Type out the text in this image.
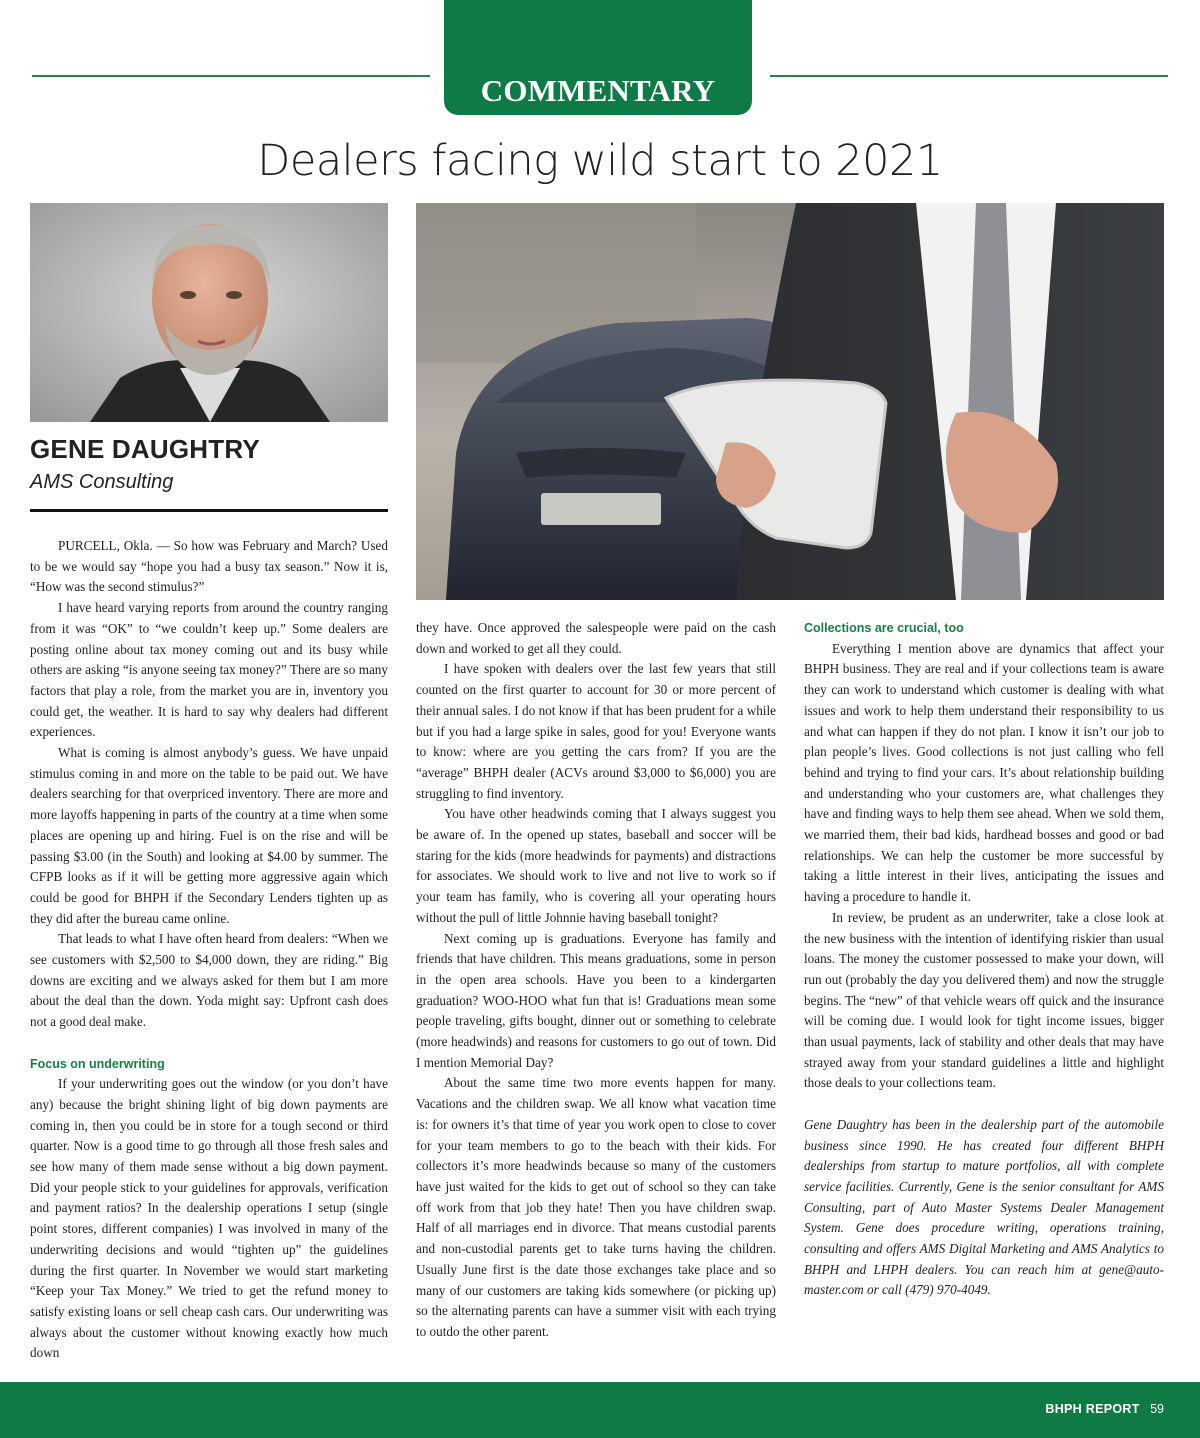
COMMENTARY
Dealers facing wild start to 2021
GENE DAUGHTRY
AMS Consulting

PURCELL, Okla. — So how was February and March? Used to be we would say “hope you had a busy tax season.” Now it is, “How was the second stimulus?”

I have heard varying reports from around the country ranging from it was “OK” to “we couldn’t keep up.” Some dealers are posting online about tax money coming out and its busy while others are asking “is anyone seeing tax money?” There are so many factors that play a role, from the market you are in, inventory you could get, the weather. It is hard to say why dealers had different experiences.

What is coming is almost anybody’s guess. We have unpaid stimulus coming in and more on the table to be paid out. We have dealers searching for that overpriced inventory. There are more and more layoffs happening in parts of the country at a time when some places are opening up and hiring. Fuel is on the rise and will be passing $3.00 (in the South) and looking at $4.00 by summer. The CFPB looks as if it will be getting more aggressive again which could be good for BHPH if the Secondary Lenders tighten up as they did after the bureau came online.

That leads to what I have often heard from dealers: “When we see customers with $2,500 to $4,000 down, they are riding.” Big downs are exciting and we always asked for them but I am more about the deal than the down. Yoda might say: Upfront cash does not a good deal make.

Focus on underwriting

If your underwriting goes out the window (or you don’t have any) because the bright shining light of big down payments are coming in, then you could be in store for a tough second or third quarter. Now is a good time to go through all those fresh sales and see how many of them made sense without a big down payment. Did your people stick to your guidelines for approvals, verification and payment ratios? In the dealership operations I setup (single point stores, different companies) I was involved in many of the underwriting decisions and would “tighten up” the guidelines during the first quarter. In November we would start marketing “Keep your Tax Money.” We tried to get the refund money to satisfy existing loans or sell cheap cash cars. Our underwriting was always about the customer without knowing exactly how much down

they have. Once approved the salespeople were paid on the cash down and worked to get all they could.

I have spoken with dealers over the last few years that still counted on the first quarter to account for 30 or more percent of their annual sales. I do not know if that has been prudent for a while but if you had a large spike in sales, good for you! Everyone wants to know: where are you getting the cars from? If you are the “average” BHPH dealer (ACVs around $3,000 to $6,000) you are struggling to find inventory.

You have other headwinds coming that I always suggest you be aware of. In the opened up states, baseball and soccer will be staring for the kids (more headwinds for payments) and distractions for associates. We should work to live and not live to work so if your team has family, who is covering all your operating hours without the pull of little Johnnie having baseball tonight?

Next coming up is graduations. Everyone has family and friends that have children. This means graduations, some in person in the open area schools. Have you been to a kindergarten graduation? WOO-HOO what fun that is! Graduations mean some people traveling, gifts bought, dinner out or something to celebrate (more headwinds) and reasons for customers to go out of town. Did I mention Memorial Day?

About the same time two more events happen for many. Vacations and the children swap. We all know what vacation time is: for owners it’s that time of year you work open to close to cover for your team members to go to the beach with their kids. For collectors it’s more headwinds because so many of the customers have just waited for the kids to get out of school so they can take off work from that job they hate! Then you have children swap. Half of all marriages end in divorce. That means custodial parents and non-custodial parents get to take turns having the children. Usually June first is the date those exchanges take place and so many of our customers are taking kids somewhere (or picking up) so the alternating parents can have a summer visit with each trying to outdo the other parent.

Collections are crucial, too

Everything I mention above are dynamics that affect your BHPH business. They are real and if your collections team is aware they can work to understand which customer is dealing with what issues and work to help them understand their responsibility to us and what can happen if they do not plan. I know it isn’t our job to plan people’s lives. Good collections is not just calling who fell behind and trying to find your cars. It’s about relationship building and understanding who your customers are, what challenges they have and finding ways to help them see ahead. When we sold them, we married them, their bad kids, hardhead bosses and good or bad relationships. We can help the customer be more successful by taking a little interest in their lives, anticipating the issues and having a procedure to handle it.

In review, be prudent as an underwriter, take a close look at the new business with the intention of identifying riskier than usual loans. The money the customer possessed to make your down, will run out (probably the day you delivered them) and now the struggle begins. The “new” of that vehicle wears off quick and the insurance will be coming due. I would look for tight income issues, bigger than usual payments, lack of stability and other deals that may have strayed away from your standard guidelines a little and highlight those deals to your collections team.

Gene Daughtry has been in the dealership part of the automobile business since 1990. He has created four different BHPH dealerships from startup to mature portfolios, all with complete service facilities. Currently, Gene is the senior consultant for AMS Consulting, part of Auto Master Systems Dealer Management System. Gene does procedure writing, operations training, consulting and offers AMS Digital Marketing and AMS Analytics to BHPH and LHPH dealers. You can reach him at gene@auto-master.com or call (479) 970-4049.

BHPH REPORT 59
